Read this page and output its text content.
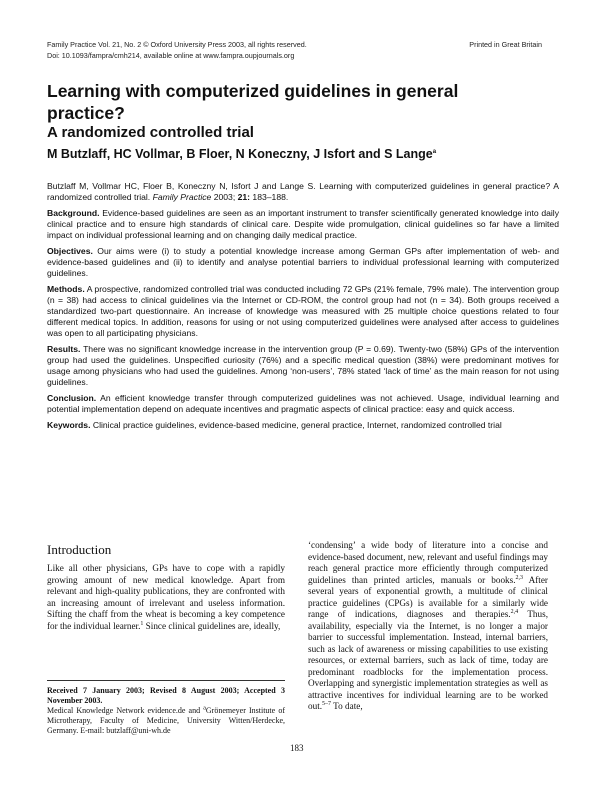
Family Practice Vol. 21, No. 2 © Oxford University Press 2003, all rights reserved.
Doi: 10.1093/fampra/cmh214, available online at www.fampra.oupjournals.org
Printed in Great Britain
Learning with computerized guidelines in general practice?
A randomized controlled trial
M Butzlaff, HC Vollmar, B Floer, N Koneczny, J Isfort and S Lange$^a$

Butzlaff M, Vollmar HC, Floer B, Koneczny N, Isfort J and Lange S. Learning with computerized guidelines in general practice? A randomized controlled trial. Family Practice 2003; 21: 183–188.

Background. Evidence-based guidelines are seen as an important instrument to transfer scientifically generated knowledge into daily clinical practice and to ensure high standards of clinical care. Despite wide promulgation, clinical guidelines so far have a limited impact on individual professional learning and on changing daily medical practice.

Objectives. Our aims were (i) to study a potential knowledge increase among German GPs after implementation of web- and evidence-based guidelines and (ii) to identify and analyse potential barriers to individual professional learning with computerized guidelines.

Methods. A prospective, randomized controlled trial was conducted including 72 GPs (21% female, 79% male). The intervention group (n = 38) had access to clinical guidelines via the Internet or CD-ROM, the control group had not (n = 34). Both groups received a standardized two-part questionnaire. An increase of knowledge was measured with 25 multiple choice questions related to four different medical topics. In addition, reasons for using or not using computerized guidelines were analysed after access to guidelines was open to all participating physicians.

Results. There was no significant knowledge increase in the intervention group (P = 0.69). Twenty-two (58%) GPs of the intervention group had used the guidelines. Unspecified curiosity (76%) and a specific medical question (38%) were predominant motives for usage among physicians who had used the guidelines. Among ‘non-users’, 78% stated ‘lack of time’ as the main reason for not using guidelines.

Conclusion. An efficient knowledge transfer through computerized guidelines was not achieved. Usage, individual learning and potential implementation depend on adequate incentives and pragmatic aspects of clinical practice: easy and quick access.

Keywords. Clinical practice guidelines, evidence-based medicine, general practice, Internet, randomized controlled trial

Introduction

Like all other physicians, GPs have to cope with a rapidly growing amount of new medical knowledge. Apart from relevant and high-quality publications, they are confronted with an increasing amount of irrelevant and useless information. Sifting the chaff from the wheat is becoming a key competence for the individual learner.$^1$ Since clinical guidelines are, ideally,

‘condensing’ a wide body of literature into a concise and evidence-based document, new, relevant and useful findings may reach general practice more efficiently through computerized guidelines than printed articles, manuals or books.$^{2,3}$ After several years of exponential growth, a multitude of clinical practice guidelines (CPGs) is available for a similarly wide range of indications, diagnoses and therapies.$^{2,4}$ Thus, availability, especially via the Internet, is no longer a major barrier to successful implementation. Instead, internal barriers, such as lack of awareness or missing capabilities to use existing resources, or external barriers, such as lack of time, today are predominant roadblocks for the implementation process. Overlapping and synergistic implementation strategies as well as attractive incentives for individual learning are to be worked out.$^{5-7}$ To date,

Received 7 January 2003; Revised 8 August 2003; Accepted 3 November 2003.
Medical Knowledge Network evidence.de and $^a$Grönemeyer Institute of Microtherapy, Faculty of Medicine, University Witten/Herdecke, Germany. E-mail: butzlaff@uni-wh.de
183
